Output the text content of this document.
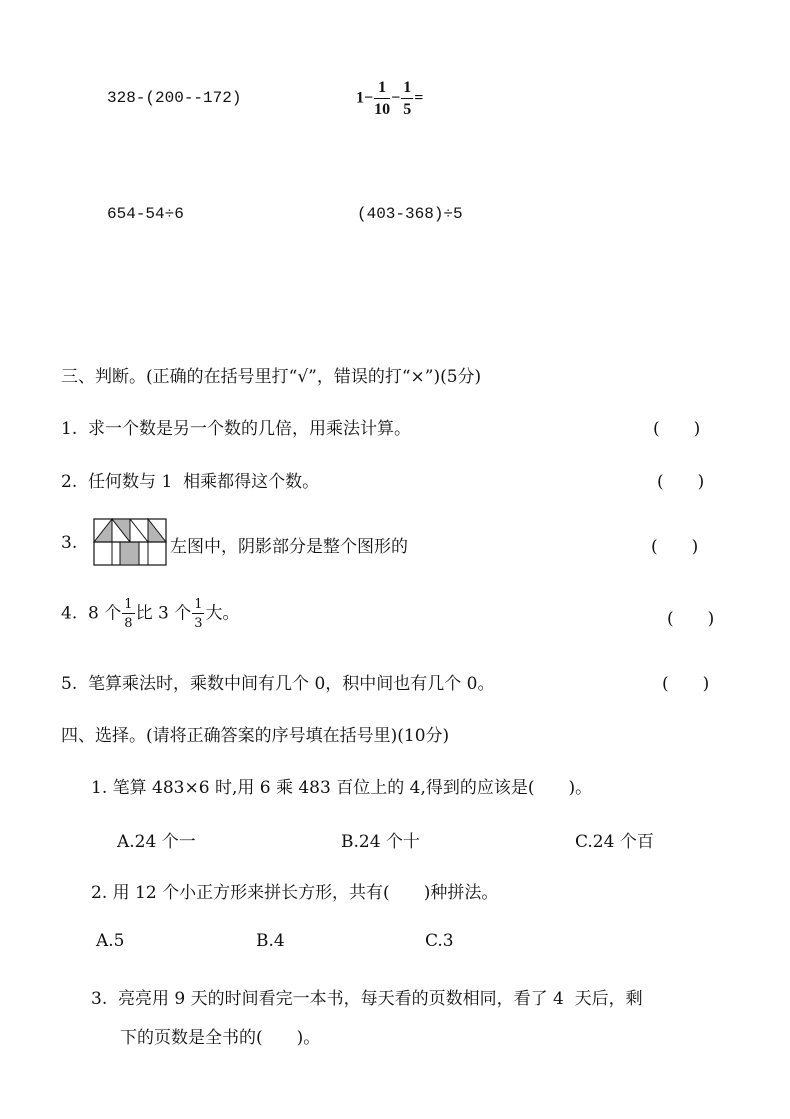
328-(200--172)	$1- \frac{1}{10} - \frac{1}{5}$ =
654-54÷6	(403-368)÷5
三、判断。(正确的在括号里打“√”，错误的打“×”)(5分)
1. 求一个数是另一个数的几倍，用乘法计算。	(　　)
2. 任何数与 1  相乘都得这个数。	(　　)
3.	左图中，阴影部分是整个图形的	(　　)
4. 8 个 $\frac{1}{8}$ 比 3 个 $\frac{1}{3}$ 大。	(　　)
5. 笔算乘法时，乘数中间有几个 0，积中间也有几个 0。	(　　)
四、选择。(请将正确答案的序号填在括号里)(10分)
1. 笔算 483×6 时,用 6 乘 483 百位上的 4,得到的应该是(　　)。
A.24 个一	B.24 个十	C.24 个百
2. 用 12 个小正方形来拼长方形，共有(　　)种拼法。
A.5	B.4	C.3
3.  亮亮用 9 天的时间看完一本书，每天看的页数相同，看了 4  天后，剩
下的页数是全书的(　　)。
